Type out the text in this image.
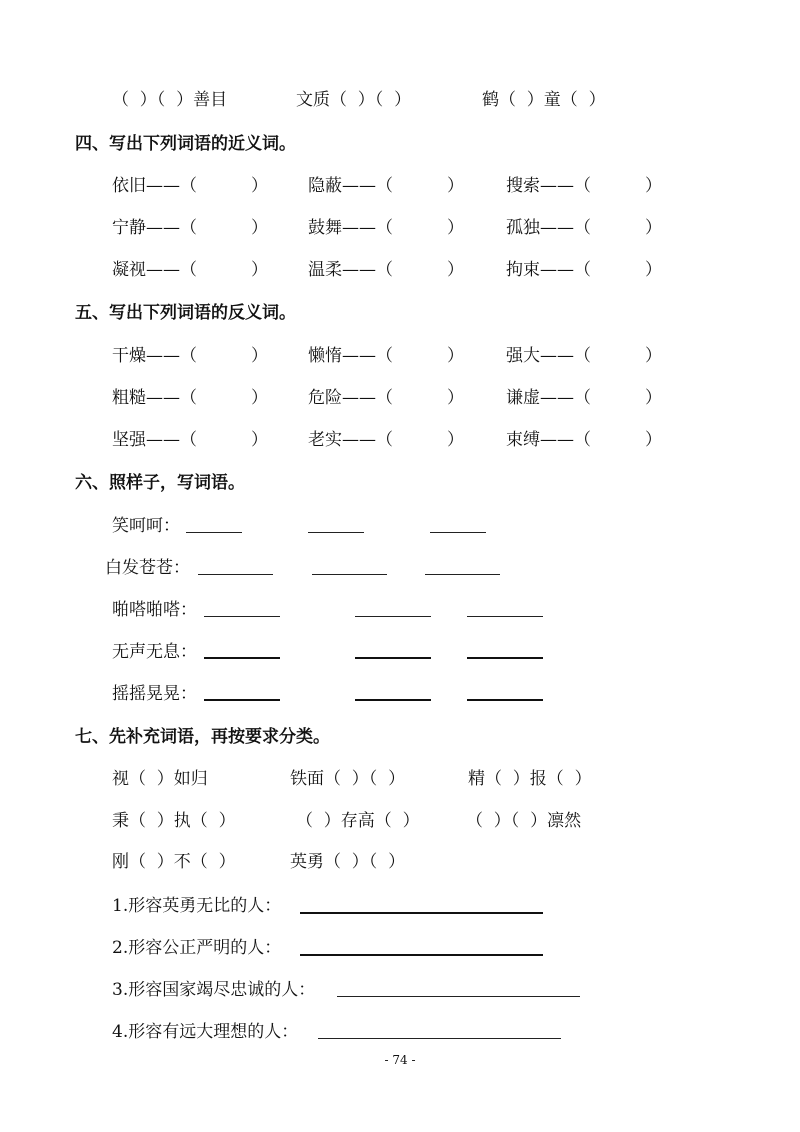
（  ）（  ）善目	文质（  ）（  ）	鹤（  ）童（  ）
四、写出下列词语的近义词。
依旧——（          ） 隐蔽——（          ） 搜索——（          ）
宁静——（          ） 鼓舞——（          ） 孤独——（          ）
凝视——（          ） 温柔——（          ） 拘束——（          ）
五、写出下列词语的反义词。
干燥——（          ） 懒惰——（          ） 强大——（          ）
粗糙——（          ） 危险——（          ） 谦虚——（          ）
坚强——（          ） 老实——（          ） 束缚——（          ）
六、照样子，写词语。
笑呵呵：
白发苍苍：
啪嗒啪嗒：
无声无息：
摇摇晃晃：
七、先补充词语，再按要求分类。
视（  ）如归	铁面（  ）（  ）	精（  ）报（  ）
秉（  ）执（  ）	（  ）存高（  ）	（  ）（  ）凛然
刚（  ）不（  ）	英勇（  ）（  ）
1.形容英勇无比的人：
2.形容公正严明的人：
3.形容国家竭尽忠诚的人：
4.形容有远大理想的人：
- 74 -
